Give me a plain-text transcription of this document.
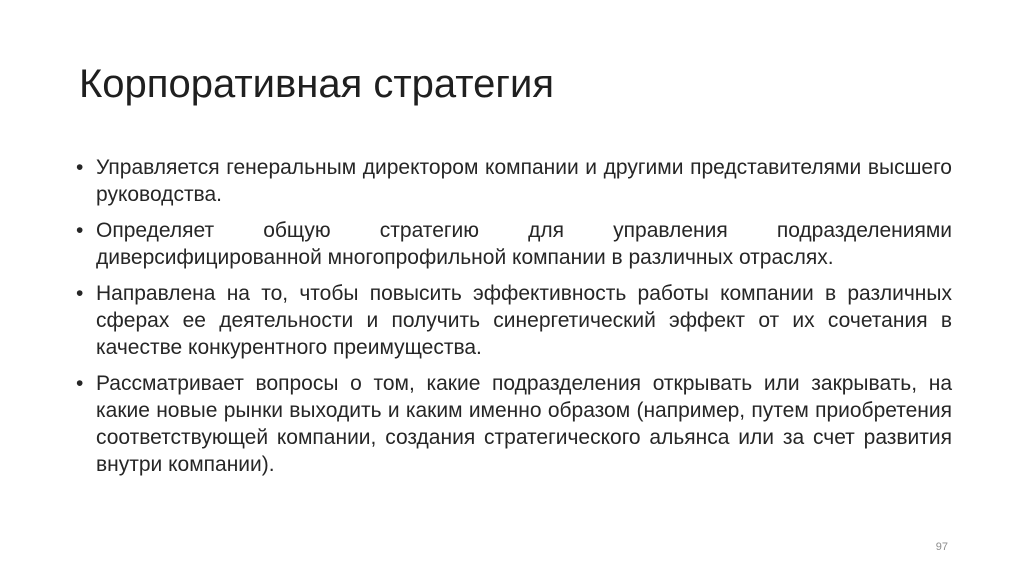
Корпоративная стратегия
• Управляется генеральным директором компании и другими представителями высшего руководства.
• Определяет общую стратегию для управления подразделениями диверсифицированной многопрофильной компании в различных отраслях.
• Направлена на то, чтобы повысить эффективность работы компании в различных сферах ее деятельности и получить синергетический эффект от их сочетания в качестве конкурентного преимущества.
• Рассматривает вопросы о том, какие подразделения открывать или закрывать, на какие новые рынки выходить и каким именно образом (например, путем приобретения соответствующей компании, создания стратегического альянса или за счет развития внутри компании).
97
